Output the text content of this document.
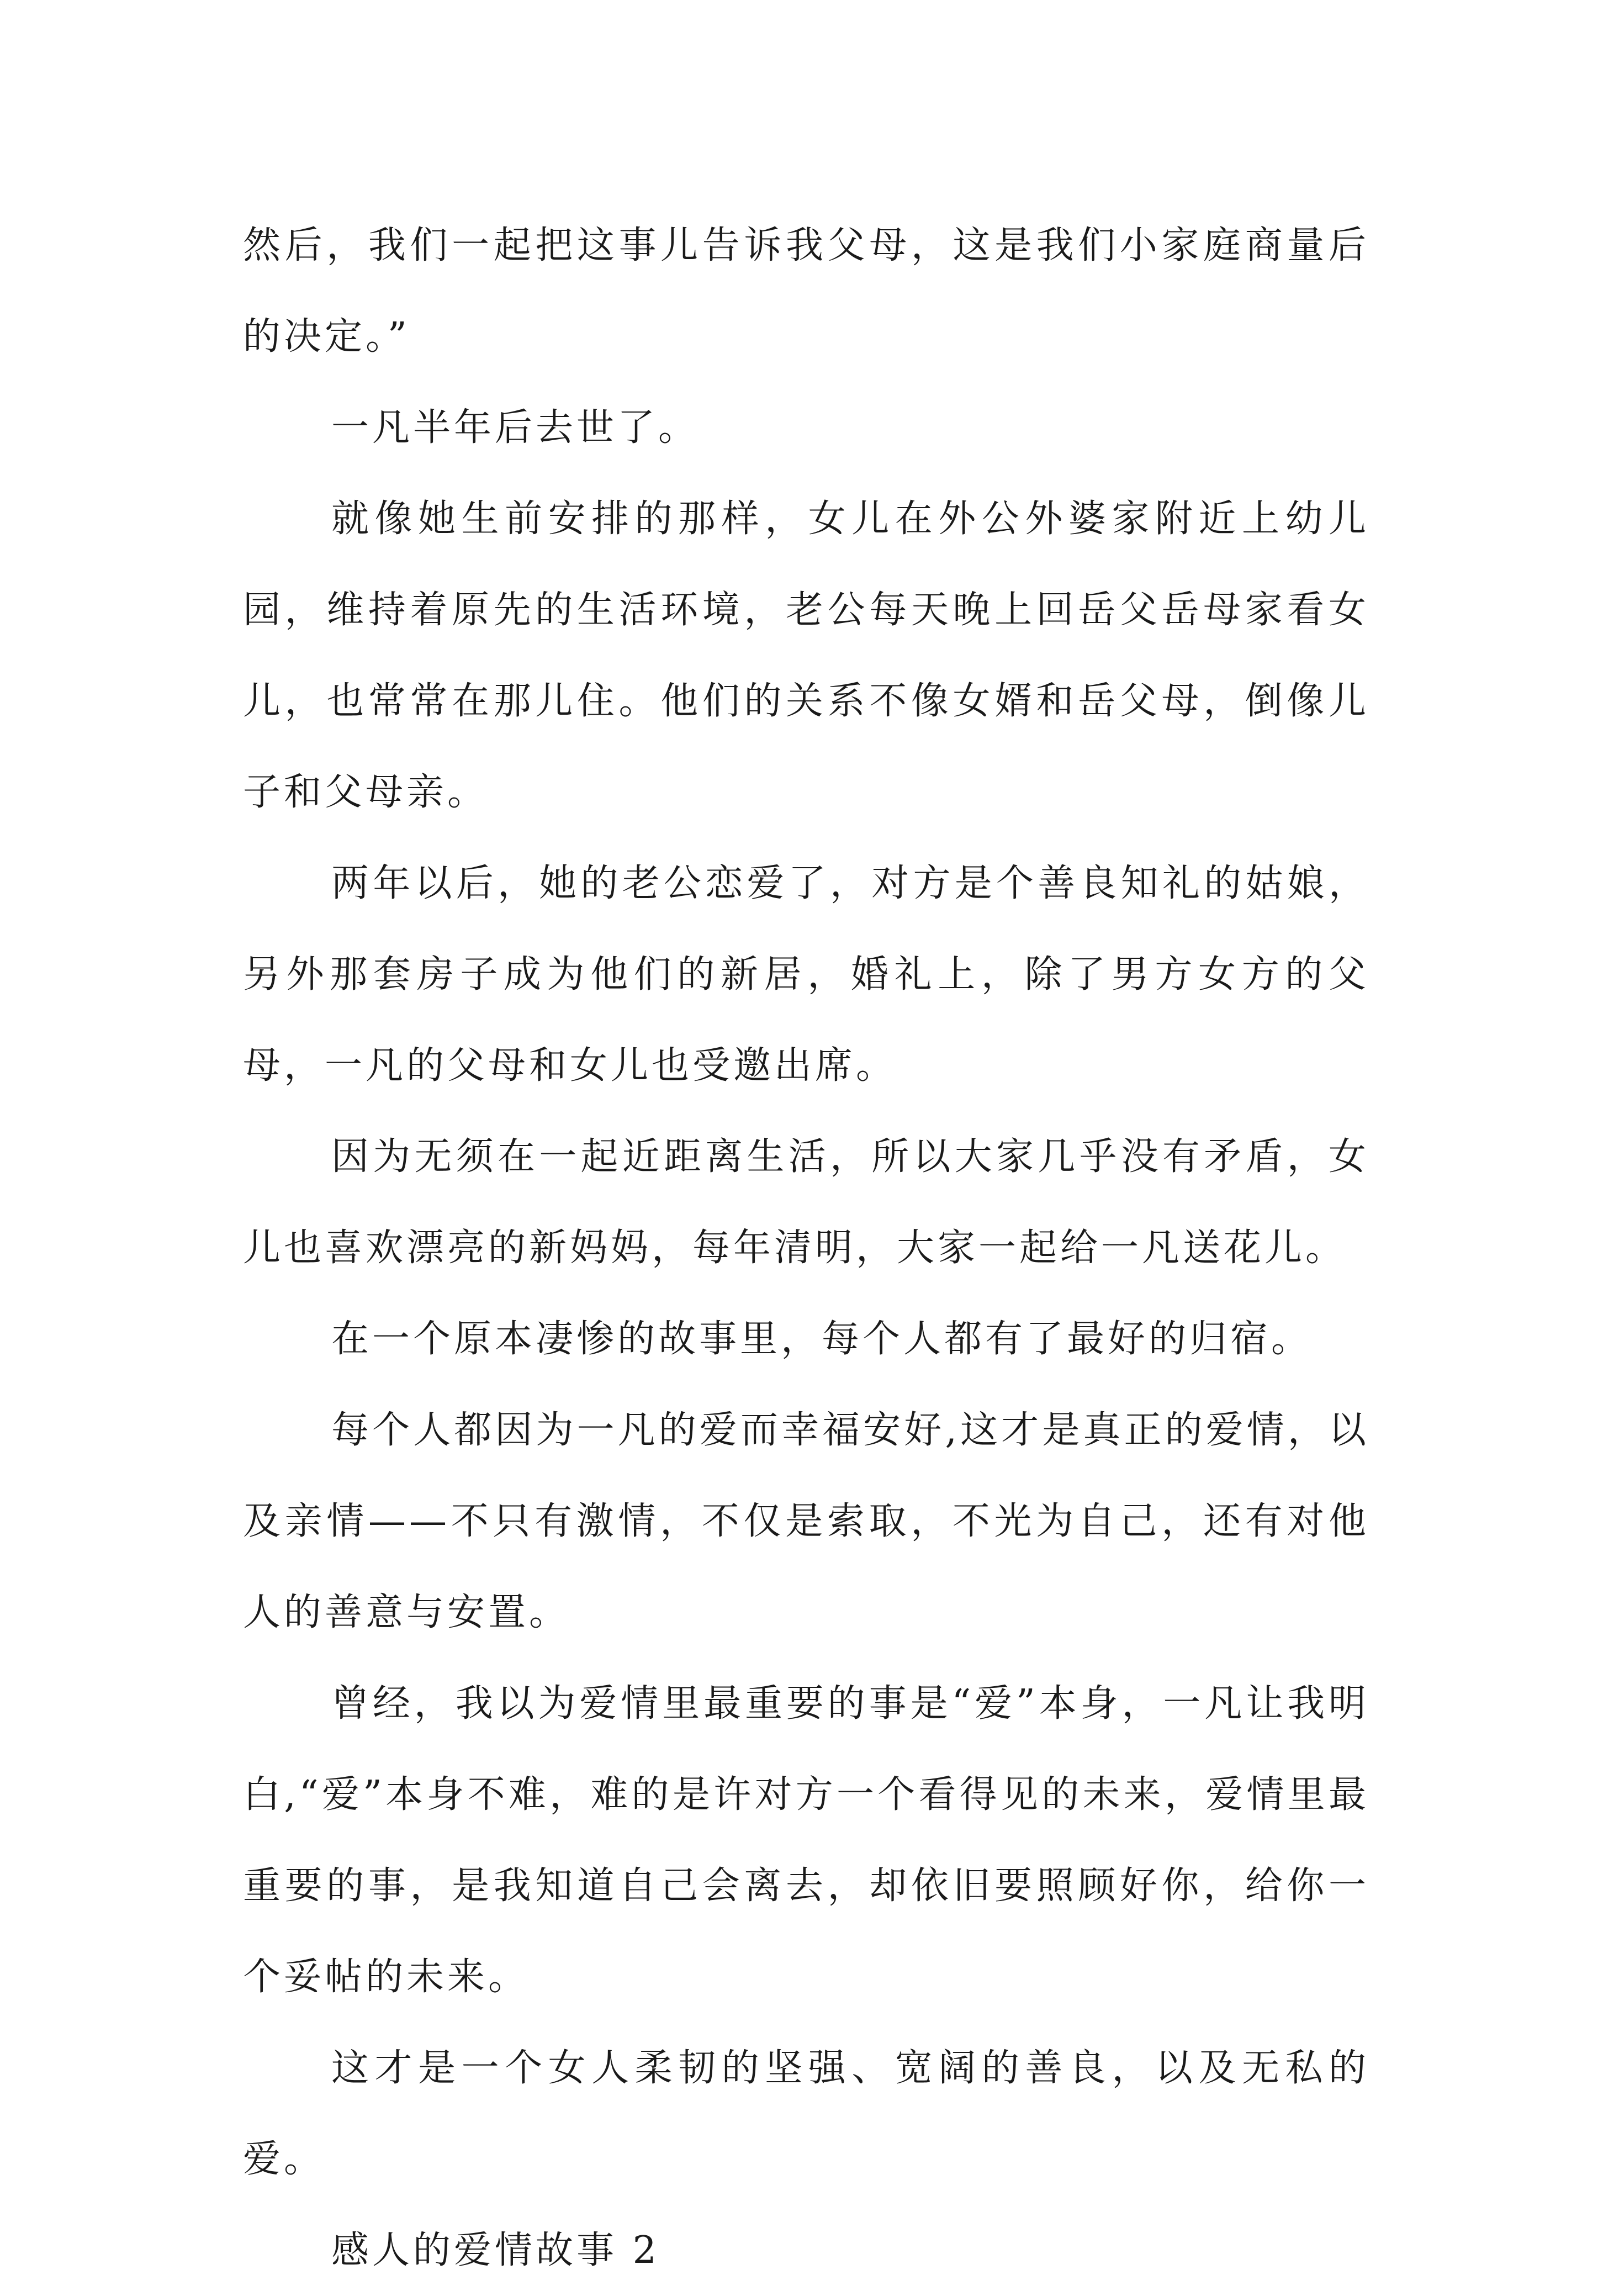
然后，我们一起把这事儿告诉我父母，这是我们小家庭商量后的决定。”

一凡半年后去世了。

就像她生前安排的那样，女儿在外公外婆家附近上幼儿园，维持着原先的生活环境，老公每天晚上回岳父岳母家看女儿，也常常在那儿住。他们的关系不像女婿和岳父母，倒像儿子和父母亲。

两年以后，她的老公恋爱了，对方是个善良知礼的姑娘，另外那套房子成为他们的新居，婚礼上，除了男方女方的父母，一凡的父母和女儿也受邀出席。

因为无须在一起近距离生活，所以大家几乎没有矛盾，女儿也喜欢漂亮的新妈妈，每年清明，大家一起给一凡送花儿。

在一个原本凄惨的故事里，每个人都有了最好的归宿。

每个人都因为一凡的爱而幸福安好,这才是真正的爱情，以及亲情——不只有激情，不仅是索取，不光为自己，还有对他人的善意与安置。

曾经，我以为爱情里最重要的事是“爱”本身，一凡让我明白,“爱”本身不难，难的是许对方一个看得见的未来，爱情里最重要的事，是我知道自己会离去，却依旧要照顾好你，给你一个妥帖的未来。

这才是一个女人柔韧的坚强、宽阔的善良，以及无私的爱。

感人的爱情故事 2
